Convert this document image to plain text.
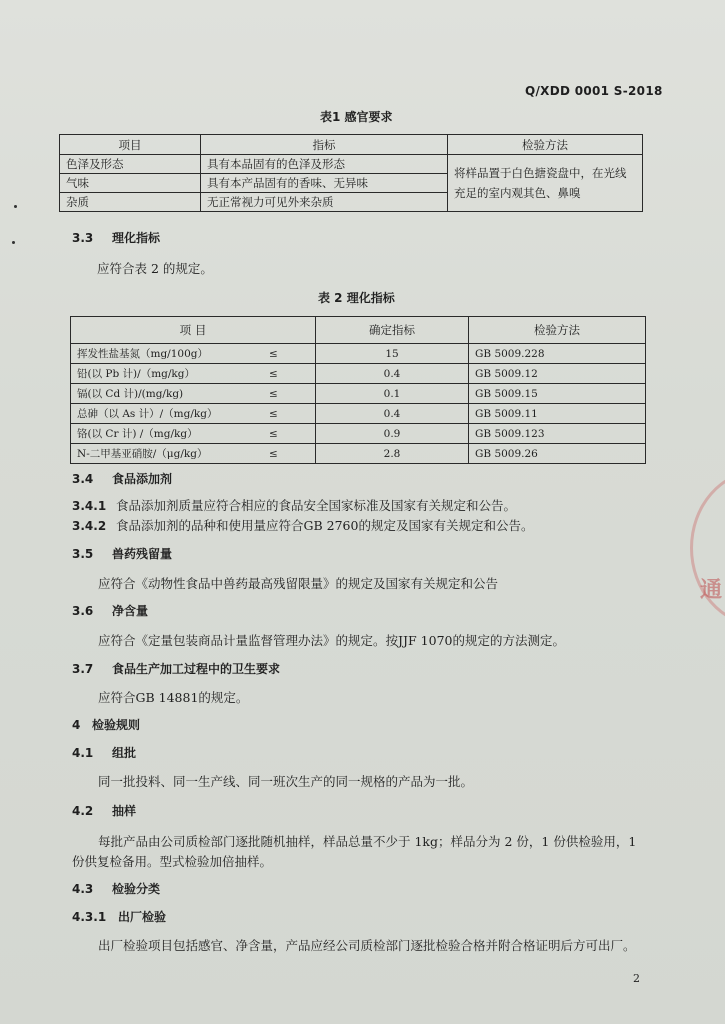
Q/XDD 0001 S-2018
表1 感官要求
项目	指标	检验方法
色泽及形态	具有本品固有的色泽及形态	将样品置于白色搪瓷盘中，在光线充足的室内观其色、鼻嗅
气味	具有本产品固有的香味、无异味	
杂质	无正常视力可见外来杂质	
3.3 理化指标
应符合表 2 的规定。
表 2 理化指标
项 目		确定指标	检验方法
挥发性盐基氮（mg/100g）	≤	15	GB 5009.228
铅(以 Pb 计)/（mg/kg）	≤	0.4	GB 5009.12
镉(以 Cd 计)/(mg/kg)	≤	0.1	GB 5009.15
总砷（以 As 计）/（mg/kg）	≤	0.4	GB 5009.11
铬(以 Cr 计) /（mg/kg）	≤	0.9	GB 5009.123
N-二甲基亚硝胺/（μg/kg）	≤	2.8	GB 5009.26
3.4 食品添加剂
3.4.1 食品添加剂质量应符合相应的食品安全国家标准及国家有关规定和公告。
3.4.2 食品添加剂的品种和使用量应符合GB 2760的规定及国家有关规定和公告。
3.5 兽药残留量
应符合《动物性食品中兽药最高残留限量》的规定及国家有关规定和公告
3.6 净含量
应符合《定量包装商品计量监督管理办法》的规定。按JJF 1070的规定的方法测定。
3.7 食品生产加工过程中的卫生要求
应符合GB 14881的规定。
4 检验规则
4.1 组批
同一批投料、同一生产线、同一班次生产的同一规格的产品为一批。
4.2 抽样
每批产品由公司质检部门逐批随机抽样，样品总量不少于 1kg；样品分为 2 份，1 份供检验用，1
份供复检备用。型式检验加倍抽样。
4.3 检验分类
4.3.1 出厂检验
出厂检验项目包括感官、净含量，产品应经公司质检部门逐批检验合格并附合格证明后方可出厂。
2
通
